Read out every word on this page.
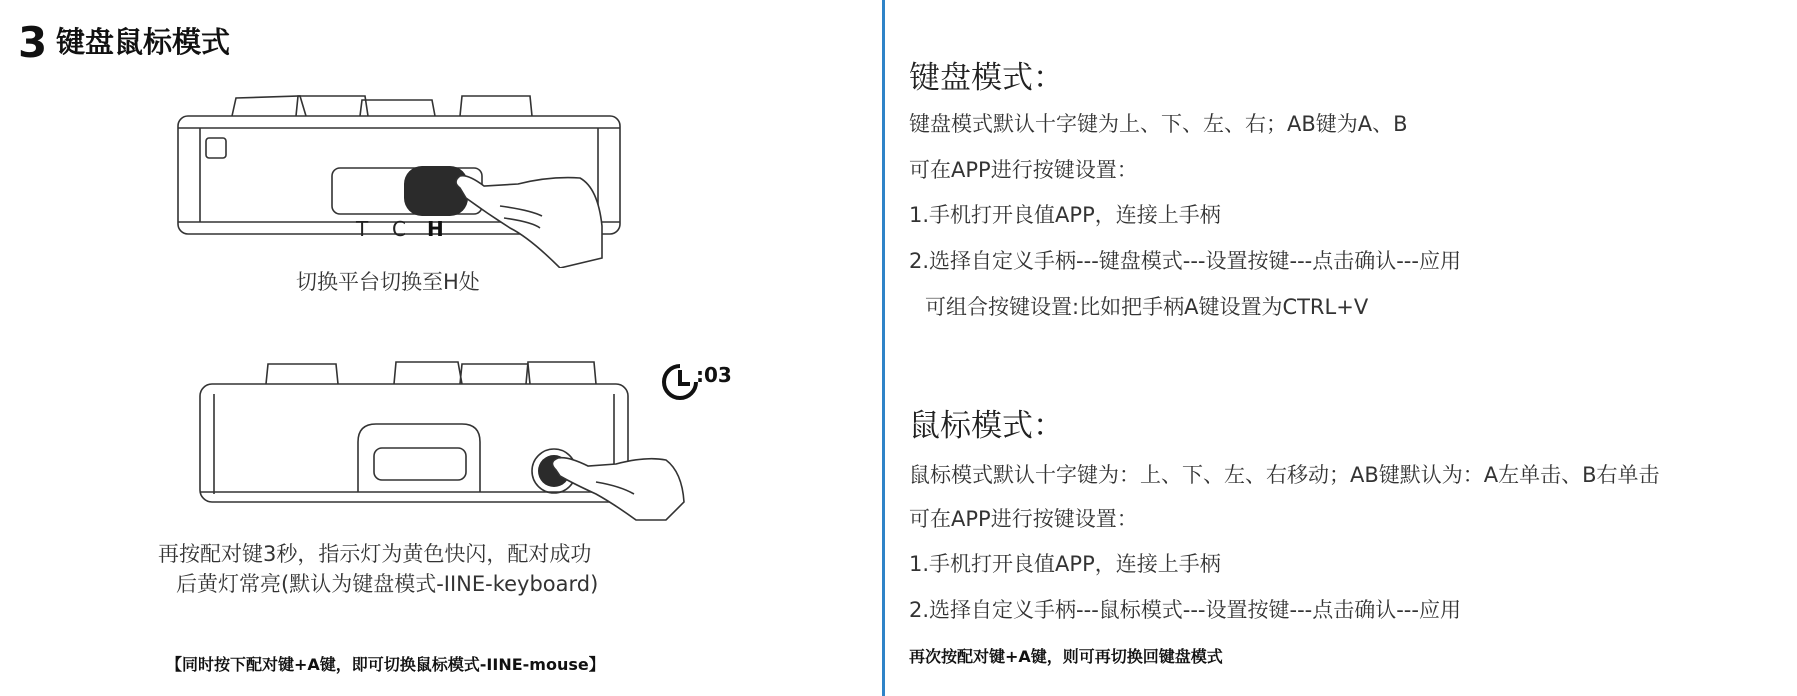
3 键盘鼠标模式
T C H
切换平台切换至H处
:03
再按配对键3秒，指示灯为黄色快闪，配对成功
后黄灯常亮(默认为键盘模式-IINE-keyboard)
【同时按下配对键+A键，即可切换鼠标模式-IINE-mouse】
键盘模式：
键盘模式默认十字键为上、下、左、右；AB键为A、B
可在APP进行按键设置：
1.手机打开良值APP，连接上手柄
2.选择自定义手柄---键盘模式---设置按键---点击确认---应用
可组合按键设置:比如把手柄A键设置为CTRL+V
鼠标模式：
鼠标模式默认十字键为：上、下、左、右移动；AB键默认为：A左单击、B右单击
可在APP进行按键设置：
1.手机打开良值APP，连接上手柄
2.选择自定义手柄---鼠标模式---设置按键---点击确认---应用
再次按配对键+A键，则可再切换回键盘模式
